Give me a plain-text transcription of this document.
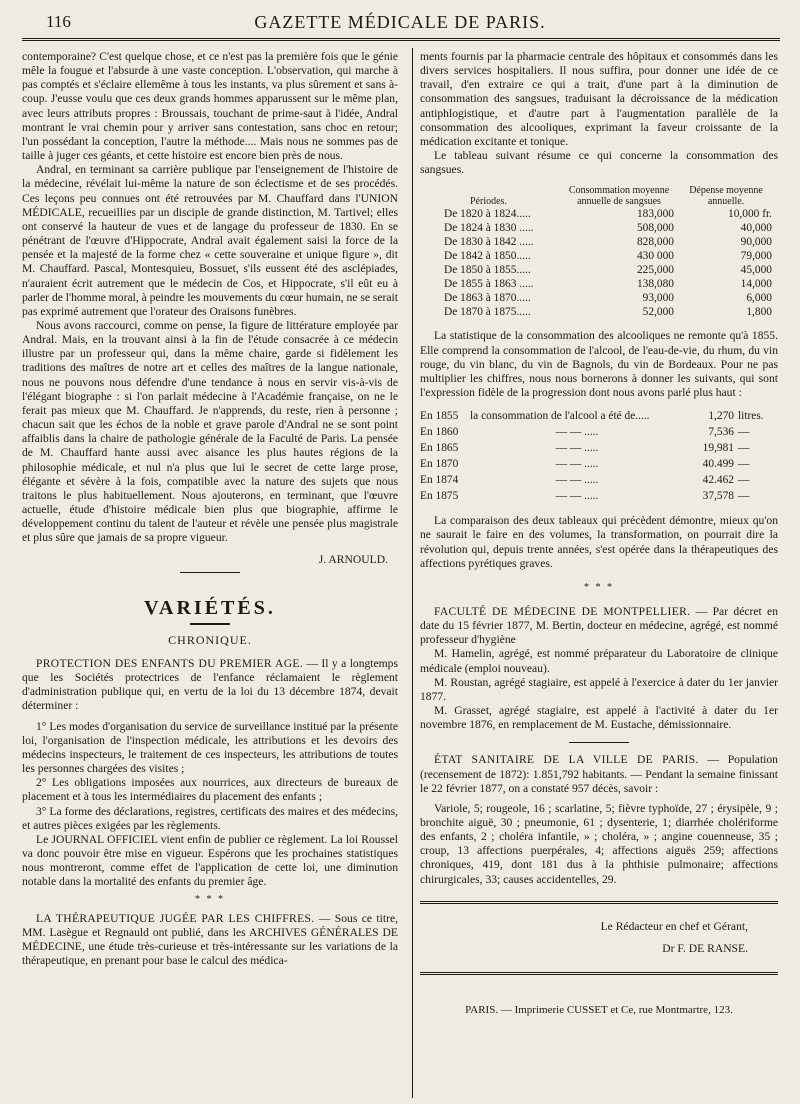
116	GAZETTE MÉDICALE DE PARIS.

contemporaine? C'est quelque chose, et ce n'est pas la première fois que le génie mêle la fougue et l'absurde à une vaste conception. L'observation, qui marche à pas comptés et s'éclaire ellemême à tous les instants, va plus sûrement et sans à-coup. J'eusse voulu que ces deux grands hommes apparussent sur le même plan, avec leurs attributs propres : Broussais, touchant de prime-saut à l'idée, Andral montrant le vrai chemin pour y arriver sans contestation, sans choc en retour; l'un possédant la conception, l'autre la méthode.... Mais nous ne sommes pas de taille à juger ces géants, et cette histoire est encore bien près de nous.

Andral, en terminant sa carrière publique par l'enseignement de l'histoire de la médecine, révélait lui-même la nature de son éclectisme et de ses procédés. Ces leçons peu connues ont été retrouvées par M. Chauffard dans l'UNION MÉDICALE, recueillies par un disciple de grande distinction, M. Tartivel; elles ont conservé la hauteur de vues et de langage du professeur de 1830. En se pénétrant de l'œuvre d'Hippocrate, Andral avait également saisi la force de la pensée et la majesté de la forme chez « cette souveraine et unique figure », dit M. Chauffard. Pascal, Montesquieu, Bossuet, s'ils eussent été des asclépiades, n'auraient écrit autrement que le médecin de Cos, et Hippocrate, s'il eût eu à parler de l'homme moral, à peindre les mouvements du cœur humain, ne se serait pas exprimé autrement que l'orateur des Oraisons funèbres.

Nous avons raccourci, comme on pense, la figure de littérature employée par Andral. Mais, en la trouvant ainsi à la fin de l'étude consacrée à ce médecin illustre par un professeur qui, dans la même chaire, garde si fidèlement les traditions des maîtres de notre art et celles des maîtres de la langue nationale, nous ne pouvons nous défendre d'une tendance à nous en servir vis-à-vis de l'élégant biographe : si l'on parlait médecine à l'Académie française, on ne le ferait pas mieux que M. Chauffard. Je n'apprends, du reste, rien à personne ; chacun sait que les échos de la noble et grave parole d'Andral ne se sont point affaiblis dans la chaire de pathologie générale de la Faculté de Paris. La pensée de M. Chauffard hante aussi avec aisance les plus hautes régions de la philosophie médicale, et nul n'a plus que lui le secret de cette large prose, élégante et sévère à la fois, compatible avec la nature des sujets que nous traitons le plus habituellement. Nous ajouterons, en terminant, que l'œuvre actuelle, étude d'histoire médicale bien plus que biographie, affirme le développement continu du talent de l'auteur et révèle une pensée plus magistrale et plus sûre que jamais de sa propre vigueur.

J. ARNOULD.
VARIÉTÉS.
CHRONIQUE.

PROTECTION DES ENFANTS DU PREMIER AGE. — Il y a longtemps que les Sociétés protectrices de l'enfance réclamaient le règlement d'administration publique qui, en vertu de la loi du 13 décembre 1874, devait déterminer :

1° Les modes d'organisation du service de surveillance institué par la présente loi, l'organisation de l'inspection médicale, les attributions et les devoirs des médecins inspecteurs, le traitement de ces inspecteurs, les attributions de toutes les personnes chargées des visites ;

2° Les obligations imposées aux nourrices, aux directeurs de bureaux de placement et à tous les intermédiaires du placement des enfants ;

3° La forme des déclarations, registres, certificats des maires et des médecins, et autres pièces exigées par les règlements.

Le JOURNAL OFFICIEL vient enfin de publier ce règlement. La loi Roussel va donc pouvoir être mise en vigueur. Espérons que les prochaines statistiques nous montreront, comme effet de l'application de cette loi, une diminution notable dans la mortalité des enfants du premier âge.

* * *

LA THÉRAPEUTIQUE JUGÉE PAR LES CHIFFRES. — Sous ce titre, MM. Lasègue et Regnauld ont publié, dans les ARCHIVES GÉNÉRALES DE MÉDECINE, une étude très-curieuse et très-intéressante sur les variations de la thérapeutique, en prenant pour base le calcul des médica-

ments fournis par la pharmacie centrale des hôpitaux et consommés dans les divers services hospitaliers. Il nous suffira, pour donner une idée de ce travail, d'en extraire ce qui a trait, d'une part à la diminution de consommation des sangsues, traduisant la décroissance de la médication antiphlogistique, et d'autre part à l'augmentation parallèle de la consommation des alcooliques, exprimant la faveur croissante de la médication excitante et tonique.

Le tableau suivant résume ce qui concerne la consommation des sangsues.

Périodes.	Consommation moyenne annuelle de sangsues	Dépense moyenne annuelle.
De 1820 à 1824.....	183,000	10,000 fr.
De 1824 à 1830 .....	508,000	40,000
De 1830 à 1842 .....	828,000	90,000
De 1842 à 1850.....	430 000	79,000
De 1850 à 1855.....	225,000	45,000
De 1855 à 1863 .....	138,080	14,000
De 1863 à 1870.....	93,000	6,000
De 1870 à 1875.....	52,000	1,800

La statistique de la consommation des alcooliques ne remonte qu'à 1855. Elle comprend la consommation de l'alcool, de l'eau-de-vie, du rhum, du vin rouge, du vin blanc, du vin de Bagnols, du vin de Bordeaux. Pour ne pas multiplier les chiffres, nous nous bornerons à donner les suivants, qui sont l'expression fidèle de la progression dont nous avons parlé plus haut :

En 1855	la consommation de l'alcool a été de.....	1,270	litres.
En 1860	— — .....	7,536	—
En 1865	— — .....	19,981	—
En 1870	— — .....	40.499	—
En 1874	— — .....	42.462	—
En 1875	— — .....	37,578	—

La comparaison des deux tableaux qui précèdent démontre, mieux qu'on ne saurait le faire en des volumes, la transformation, on pourrait dire la révolution qui, depuis trente années, s'est opérée dans la thérapeutiques des affections pyrétiques graves.

* * *

FACULTÉ DE MÉDECINE DE MONTPELLIER. — Par décret en date du 15 février 1877, M. Bertin, docteur en médecine, agrégé, est nommé professeur d'hygiène

M. Hamelin, agrégé, est nommé préparateur du Laboratoire de clinique médicale (emploi nouveau).

M. Roustan, agrégé stagiaire, est appelé à l'exercice à dater du 1er janvier 1877.

M. Grasset, agrégé stagiaire, est appelé à l'activité à dater du 1er novembre 1876, en remplacement de M. Eustache, démissionnaire.

ÉTAT SANITAIRE DE LA VILLE DE PARIS. — Population (recensement de 1872): 1.851,792 habitants. — Pendant la semaine finissant le 22 février 1877, on a constaté 957 décès, savoir :

Variole, 5; rougeole, 16 ; scarlatine, 5; fièvre typhoïde, 27 ; érysipèle, 9 ; bronchite aiguë, 30 ; pneumonie, 61 ; dysenterie, 1; diarrhée cholériforme des enfants, 2 ; choléra infantile, » ; choléra, » ; angine couenneuse, 35 ; croup, 13 affections puerpérales, 4; affections aiguës 259; affections chroniques, 419, dont 181 dus à la phthisie pulmonaire; affections chirurgicales, 33; causes accidentelles, 29.

Le Rédacteur en chef et Gérant,
Dr F. DE RANSE.
PARIS. — Imprimerie CUSSET et Ce, rue Montmartre, 123.
